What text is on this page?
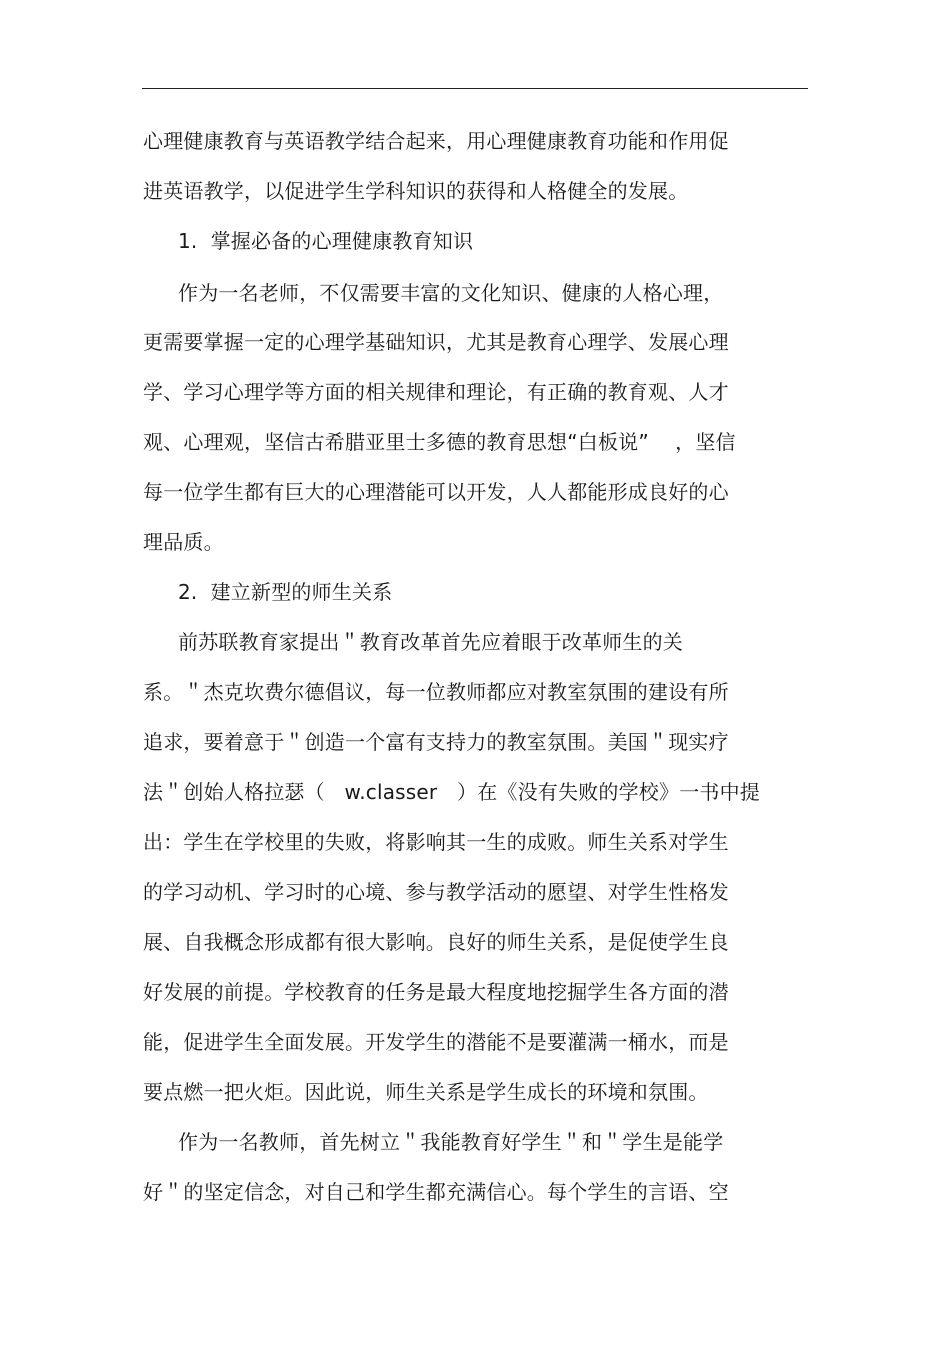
心理健康教育与英语教学结合起来，用心理健康教育功能和作用促
进英语教学，以促进学生学科知识的获得和人格健全的发展。
1.  掌握必备的心理健康教育知识
作为一名老师，不仅需要丰富的文化知识、健康的人格心理，
更需要掌握一定的心理学基础知识，尤其是教育心理学、发展心理
学、学习心理学等方面的相关规律和理论，有正确的教育观、人才
观、心理观，坚信古希腊亚里士多德的教育思想“白板说”    ，坚信
每一位学生都有巨大的心理潜能可以开发，人人都能形成良好的心
理品质。
2.  建立新型的师生关系
前苏联教育家提出＂教育改革首先应着眼于改革师生的关
系。＂杰克坎费尔德倡议，每一位教师都应对教室氛围的建设有所
追求，要着意于＂创造一个富有支持力的教室氛围。美国＂现实疗
法＂创始人格拉瑟（   w.classer   ）在《没有失败的学校》一书中提
出：学生在学校里的失败，将影响其一生的成败。师生关系对学生
的学习动机、学习时的心境、参与教学活动的愿望、对学生性格发
展、自我概念形成都有很大影响。良好的师生关系，是促使学生良
好发展的前提。学校教育的任务是最大程度地挖掘学生各方面的潜
能，促进学生全面发展。开发学生的潜能不是要灌满一桶水，而是
要点燃一把火炬。因此说，师生关系是学生成长的环境和氛围。
作为一名教师，首先树立＂我能教育好学生＂和＂学生是能学
好＂的坚定信念，对自己和学生都充满信心。每个学生的言语、空
